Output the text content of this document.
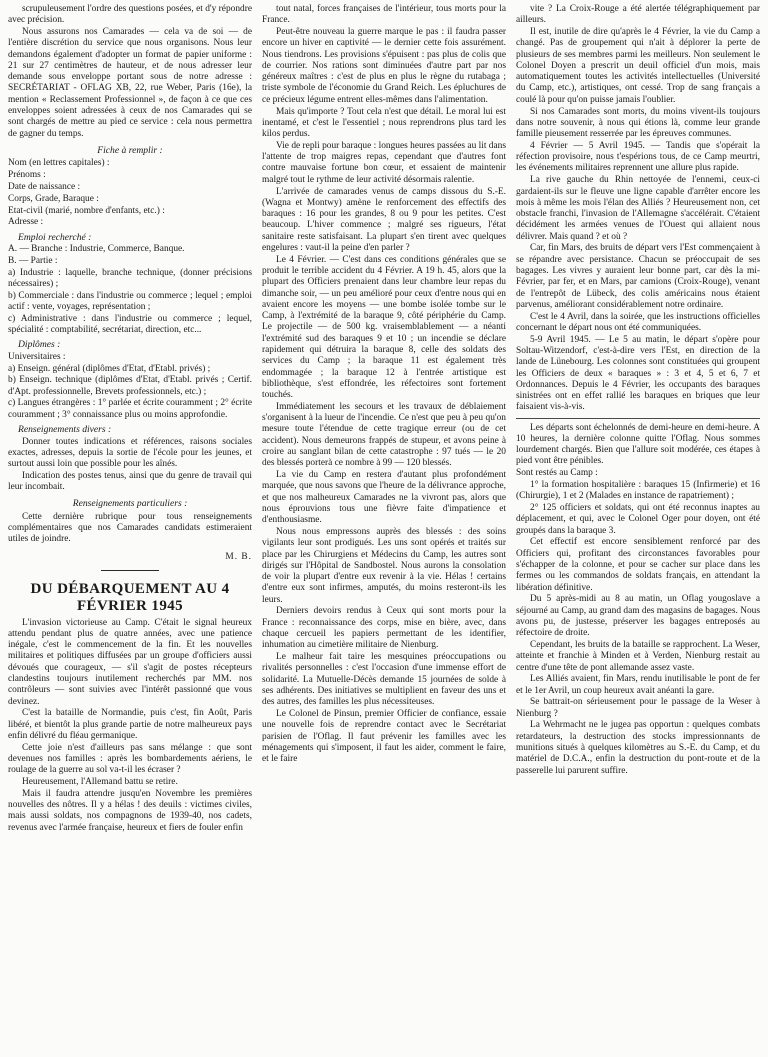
scrupuleusement l'ordre des questions posées, et d'y répondre avec précision.

Nous assurons nos Camarades — cela va de soi — de l'entière discrétion du service que nous organisons. Nous leur demandons également d'adopter un format de papier uniforme : 21 sur 27 centimètres de hauteur, et de nous adresser leur demande sous enveloppe portant sous de notre adresse : SECRÉTARIAT - OFLAG XB, 22, rue Weber, Paris (16e), la mention « Reclassement Professionnel », de façon à ce que ces enveloppes soient adressées à ceux de nos Camarades qui se sont chargés de mettre au pied ce service : cela nous permettra de gagner du temps.

Fiche à remplir :

Nom (en lettres capitales) :

Prénoms :

Date de naissance :

Corps, Grade, Baraque :

Etat-civil (marié, nombre d'enfants, etc.) :

Adresse :

Emploi recherché :

A. — Branche : Industrie, Commerce, Banque.

B. — Partie :

a) Industrie : laquelle, branche technique, (donner précisions nécessaires) ;

b) Commerciale : dans l'industrie ou commerce ; lequel ; emploi actif : vente, voyages, représentation ;

c) Administrative : dans l'industrie ou commerce ; lequel, spécialité : comptabilité, secrétariat, direction, etc...

Diplômes :

Universitaires :

a) Enseign. général (diplômes d'Etat, d'Etabl. privés) ;

b) Enseign. technique (diplômes d'Etat, d'Etabl. privés ; Certif. d'Apt. professionnelle, Brevets professionnels, etc.) ;

c) Langues étrangères : 1° parlée et écrite couramment ; 2° écrite couramment ; 3° connaissance plus ou moins approfondie.

Renseignements divers :

Donner toutes indications et références, raisons sociales exactes, adresses, depuis la sortie de l'école pour les jeunes, et surtout aussi loin que possible pour les aînés.

Indication des postes tenus, ainsi que du genre de travail qui leur incombait.

Renseignements particuliers :

Cette dernière rubrique pour tous renseignements complémentaires que nos Camarades candidats estimeraient utiles de joindre.

M. B.

DU DÉBARQUEMENT AU 4 FÉVRIER 1945

L'invasion victorieuse au Camp. C'était le signal heureux attendu pendant plus de quatre années, avec une patience inégale, c'est le commencement de la fin. Et les nouvelles militaires et politiques diffusées par un groupe d'officiers aussi dévoués que courageux, — s'il s'agit de postes récepteurs clandestins toujours inutilement recherchés par MM. nos contrôleurs — sont suivies avec l'intérêt passionné que vous devinez.

C'est la bataille de Normandie, puis c'est, fin Août, Paris libéré, et bientôt la plus grande partie de notre malheureux pays enfin délivré du fléau germanique.

Cette joie n'est d'ailleurs pas sans mélange : que sont devenues nos familles : après les bombardements aériens, le roulage de la guerre au sol va-t-il les écraser ?

Heureusement, l'Allemand battu se retire.

Mais il faudra attendre jusqu'en Novembre les premières nouvelles des nôtres. Il y a hélas ! des deuils : victimes civiles, mais aussi soldats, nos compagnons de 1939-40, nos cadets, revenus avec l'armée française, heureux et fiers de fouler enfin

tout natal, forces françaises de l'intérieur, tous morts pour la France.

Peut-être nouveau la guerre marque le pas : il faudra passer encore un hiver en captivité — le dernier cette fois assurément. Nous tiendrons. Les provisions s'épuisent : pas plus de colis que de courrier. Nos rations sont diminuées d'autre part par nos généreux maîtres : c'est de plus en plus le règne du rutabaga ; triste symbole de l'économie du Grand Reich. Les épluchures de ce précieux légume entrent elles-mêmes dans l'alimentation.

Mais qu'importe ? Tout cela n'est que détail. Le moral lui est inentamé, et c'est le l'essentiel ; nous reprendrons plus tard les kilos perdus.

Vie de repli pour baraque : longues heures passées au lit dans l'attente de trop maigres repas, cependant que d'autres font contre mauvaise fortune bon cœur, et essaient de maintenir malgré tout le rythme de leur activité désormais ralentie.

L'arrivée de camarades venus de camps dissous du S.-E. (Wagna et Montwy) amène le renforcement des effectifs des baraques : 16 pour les grandes, 8 ou 9 pour les petites. C'est beaucoup. L'hiver commence ; malgré ses rigueurs, l'état sanitaire reste satisfaisant. La plupart s'en tirent avec quelques engelures : vaut-il la peine d'en parler ?

Le 4 Février. — C'est dans ces conditions générales que se produit le terrible accident du 4 Février. A 19 h. 45, alors que la plupart des Officiers prenaient dans leur chambre leur repas du dimanche soir, — un peu amélioré pour ceux d'entre nous qui en avaient encore les moyens — une bombe isolée tombe sur le Camp, à l'extrémité de la baraque 9, côté périphérie du Camp. Le projectile — de 500 kg. vraisemblablement — a néanti l'extrémité sud des baraques 9 et 10 ; un incendie se déclare rapidement qui détruira la baraque 8, celle des soldats des services du Camp ; la baraque 11 est également très endommagée ; la baraque 12 à l'entrée artistique est bibliothèque, s'est effondrée, les réfectoires sont fortement touchés.

Immédiatement les secours et les travaux de déblaiement s'organisent à la lueur de l'incendie. Ce n'est que peu à peu qu'on mesure toute l'étendue de cette tragique erreur (ou de cet accident). Nous demeurons frappés de stupeur, et avons peine à croire au sanglant bilan de cette catastrophe : 97 tués — le 20 des blessés porterà ce nombre à 99 — 120 blessés.

La vie du Camp en restera d'autant plus profondément marquée, que nous savons que l'heure de la délivrance approche, et que nos malheureux Camarades ne la vivront pas, alors que nous éprouvions tous une fièvre faite d'impatience et d'enthousiasme.

Nous nous empressons auprès des blessés : des soins vigilants leur sont prodigués. Les uns sont opérés et traités sur place par les Chirurgiens et Médecins du Camp, les autres sont dirigés sur l'Hôpital de Sandbostel. Nous aurons la consolation de voir la plupart d'entre eux revenir à la vie. Hélas ! certains d'entre eux sont infirmes, amputés, du moins resteront-ils les leurs.

Derniers devoirs rendus à Ceux qui sont morts pour la France : reconnaissance des corps, mise en bière, avec, dans chaque cercueil les papiers permettant de les identifier, inhumation au cimetière militaire de Nienburg.

Le malheur fait taire les mesquines préoccupations ou rivalités personnelles : c'est l'occasion d'une immense effort de solidarité. La Mutuelle-Décès demande 15 journées de solde à ses adhérents. Des initiatives se multiplient en faveur des uns et des autres, des familles les plus nécessiteuses.

Le Colonel de Pinsun, premier Officier de confiance, essaie une nouvelle fois de reprendre contact avec le Secrétariat parisien de l'Oflag. Il faut prévenir les familles avec les ménagements qui s'imposent, il faut les aider, comment le faire, et le faire

vite ? La Croix-Rouge a été alertée télégraphiquement par ailleurs.

Il est, inutile de dire qu'après le 4 Février, la vie du Camp a changé. Pas de groupement qui n'ait à déplorer la perte de plusieurs de ses membres parmi les meilleurs. Non seulement le Colonel Doyen a prescrit un deuil officiel d'un mois, mais automatiquement toutes les activités intellectuelles (Université du Camp, etc.), artistiques, ont cessé. Trop de sang français a coulé là pour qu'on puisse jamais l'oublier.

Si nos Camarades sont morts, du moins vivent-ils toujours dans notre souvenir, à nous qui étions là, comme leur grande famille pieusement resserrée par les épreuves communes.

4 Février — 5 Avril 1945. — Tandis que s'opérait la réfection provisoire, nous t'espérions tous, de ce Camp meurtri, les événements militaires reprennent une allure plus rapide.

La rive gauche du Rhin nettoyée de l'ennemi, ceux-ci gardaient-ils sur le fleuve une ligne capable d'arrêter encore les mois à même les mois l'élan des Alliés ? Heureusement non, cet obstacle franchi, l'invasion de l'Allemagne s'accélérait. C'étaient décidément les armées venues de l'Ouest qui allaient nous délivrer. Mais quand ? et où ?

Car, fin Mars, des bruits de départ vers l'Est commençaient à se répandre avec persistance. Chacun se préoccupait de ses bagages. Les vivres y auraient leur bonne part, car dès la mi-Février, par fer, et en Mars, par camions (Croix-Rouge), venant de l'entrepôt de Lübeck, des colis américains nous étaient parvenus, améliorant considérablement notre ordinaire.

C'est le 4 Avril, dans la soirée, que les instructions officielles concernant le départ nous ont été communiquées.

5-9 Avril 1945. — Le 5 au matin, le départ s'opère pour Soltau-Witzendorf, c'est-à-dire vers l'Est, en direction de la lande de Lünebourg. Les colonnes sont constituées qui groupent les Officiers de deux « baraques » : 3 et 4, 5 et 6, 7 et Ordonnances. Depuis le 4 Février, les occupants des baraques sinistrées ont en effet rallié les baraques en briques que leur faisaient vis-à-vis.

Les départs sont échelonnés de demi-heure en demi-heure. A 10 heures, la dernière colonne quitte l'Oflag. Nous sommes lourdement chargés. Bien que l'allure soit modérée, ces étapes à pied vont être pénibles.

Sont restés au Camp :

1° la formation hospitalière : baraques 15 (Infirmerie) et 16 (Chirurgie), 1 et 2 (Malades en instance de rapatriement) ;

2° 125 officiers et soldats, qui ont été reconnus inaptes au déplacement, et qui, avec le Colonel Oger pour doyen, ont été groupés dans la baraque 3.

Cet effectif est encore sensiblement renforcé par des Officiers qui, profitant des circonstances favorables pour s'échapper de la colonne, et pour se cacher sur place dans les fermes ou les commandos de soldats français, en attendant la libération définitive.

Du 5 après-midi au 8 au matin, un Oflag yougoslave a séjourné au Camp, au grand dam des magasins de bagages. Nous avons pu, de justesse, préserver les bagages entreposés au réfectoire de droite.

Cependant, les bruits de la bataille se rapprochent. La Weser, atteinte et franchie à Minden et à Verden, Nienburg restait au centre d'une tête de pont allemande assez vaste.

Les Alliés avaient, fin Mars, rendu inutilisable le pont de fer et le 1er Avril, un coup heureux avait anéanti la gare.

Se battrait-on sérieusement pour le passage de la Weser à Nienburg ?

La Wehrmacht ne le jugea pas opportun : quelques combats retardateurs, la destruction des stocks impressionnants de munitions situés à quelques kilomètres au S.-E. du Camp, et du matériel de D.C.A., enfin la destruction du pont-route et de la passerelle lui parurent suffire.
